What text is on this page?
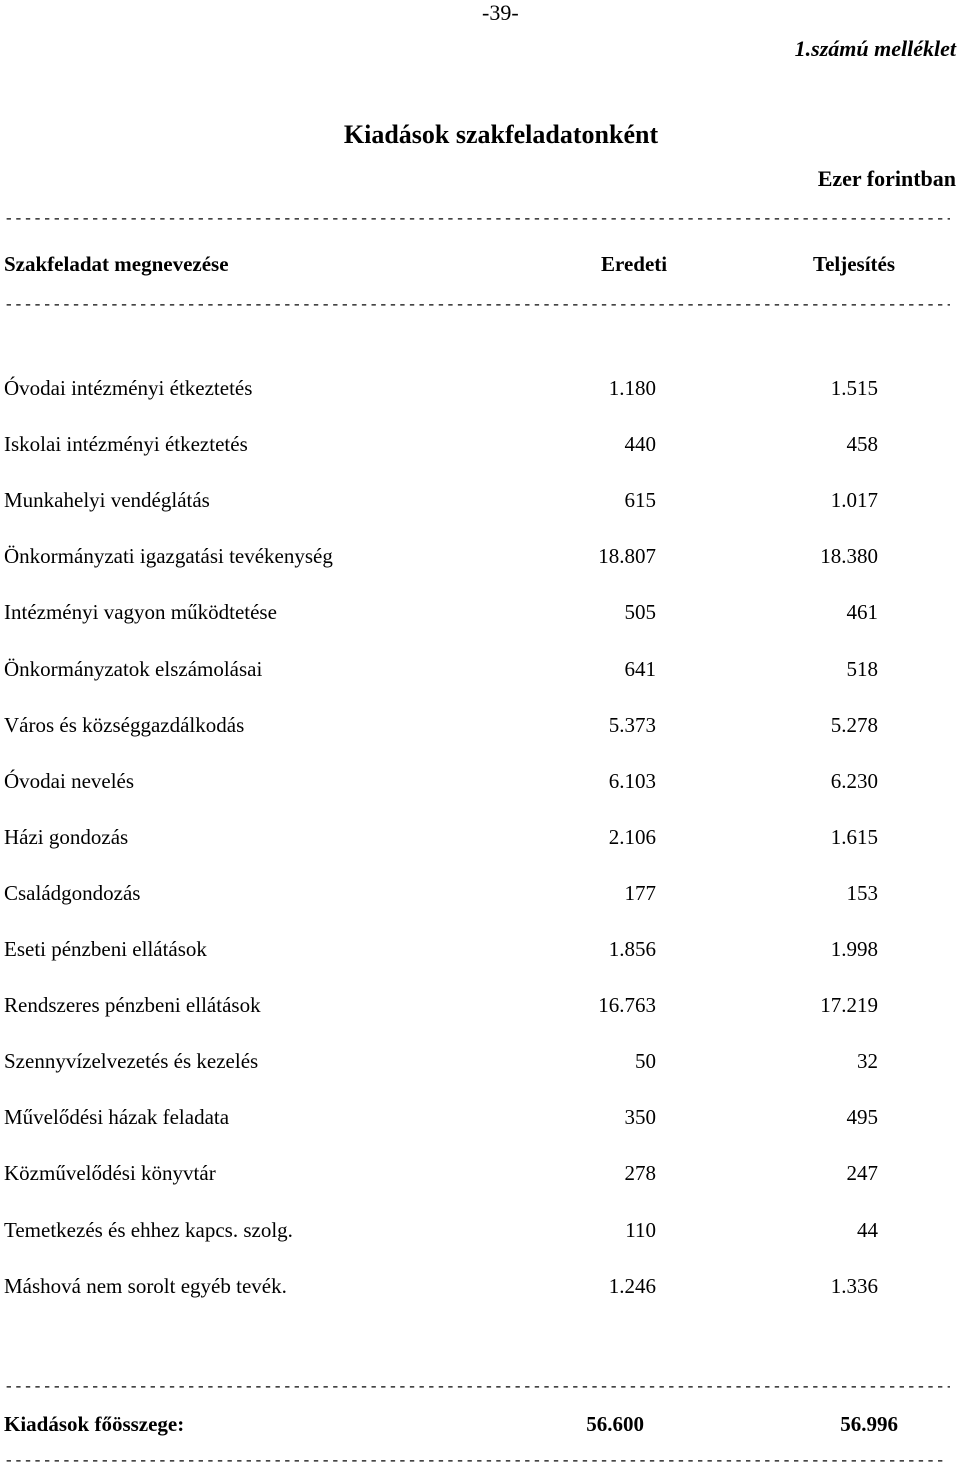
-39-
1.számú melléklet
Kiadások szakfeladatonként
Ezer forintban
-----
Szakfeladat megnevezése	Eredeti	Teljesítés
-----
Óvodai intézményi étkeztetés	1.180	1.515
Iskolai intézményi étkeztetés	440	458
Munkahelyi vendéglátás	615	1.017
Önkormányzati igazgatási tevékenység	18.807	18.380
Intézményi vagyon működtetése	505	461
Önkormányzatok elszámolásai	641	518
Város és községgazdálkodás	5.373	5.278
Óvodai nevelés	6.103	6.230
Házi gondozás	2.106	1.615
Családgondozás	177	153
Eseti pénzbeni ellátások	1.856	1.998
Rendszeres pénzbeni ellátások	16.763	17.219
Szennyvízelvezetés és kezelés	50	32
Művelődési házak feladata	350	495
Közművelődési könyvtár	278	247
Temetkezés és ehhez kapcs. szolg.	110	44
Máshová nem sorolt egyéb tevék.	1.246	1.336
-----
Kiadások főösszege:	56.600	56.996
-----
